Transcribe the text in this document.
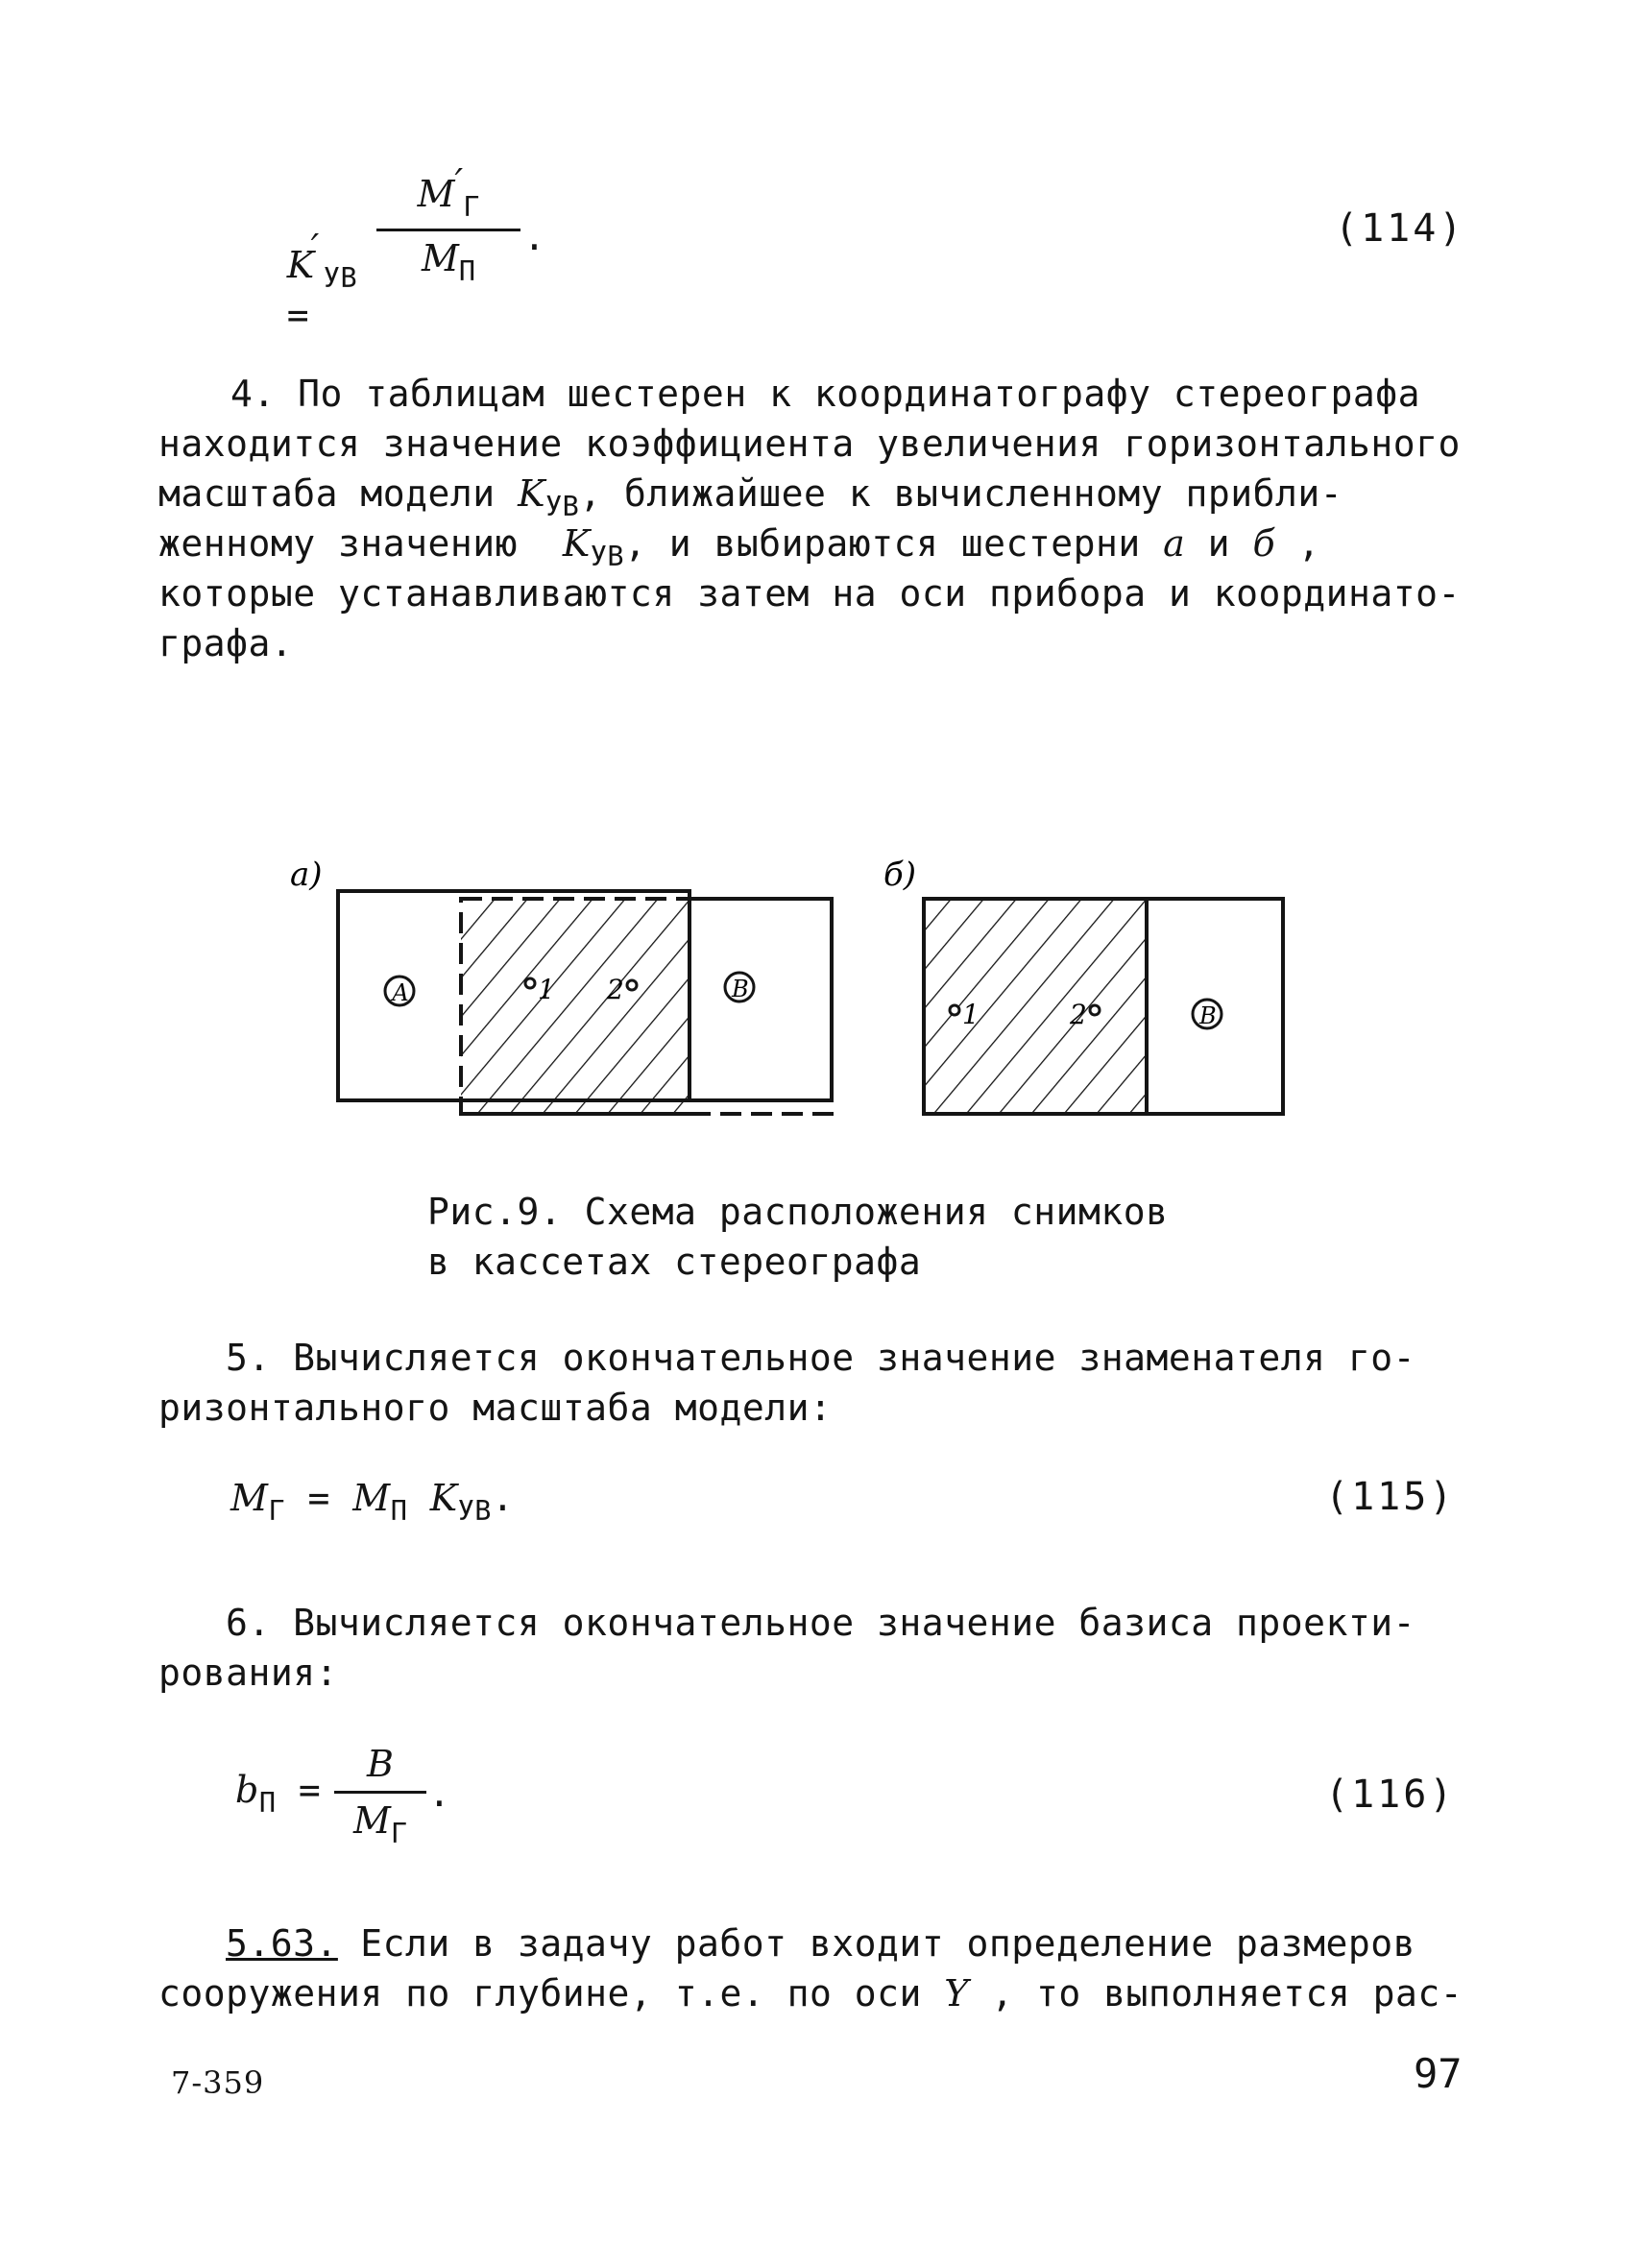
$K'_{УВ}$
=

$M'_Г$
$M_П$
.	(114)
4. По таблицам шестерен к координатографу стереографа
находится значение коэффициента увеличения горизонтального
масштаба модели $K_{УВ}$, ближайшее к вычисленному прибли-
женному значению $K_{УВ}$, и выбираются шестерни а и б ,
которые устанавливаются затем на оси прибора и координато-
графа.
а)
А	1 2	В
б)
1	2	В
Рис.9. Схема расположения снимков
в кассетах стереографа
5. Вычисляется окончательное значение знаменателя го-
ризонтального масштаба модели:
$M_Г = M_П$ $K_{УВ}$.	(115)
6. Вычисляется окончательное значение базиса проекти-
рования:
$b_П$ =
B
$M_Г$
.	(116)
5.63. Если в задачу работ входит определение размеров
сооружения по глубине, т.е. по оси Y , то выполняется рас-
7-359	97
